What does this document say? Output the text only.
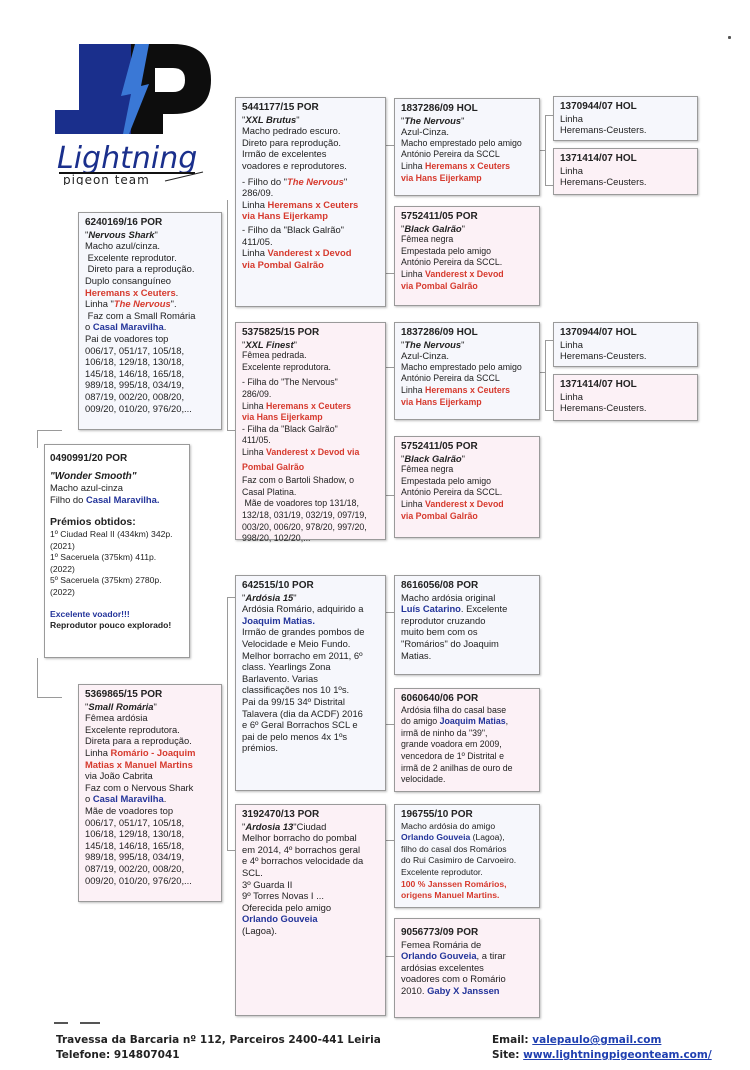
Lightning
pigeon team
0490991/20 POR
"Wonder Smooth"
Macho azul-cinza
Filho do Casal Maravilha.
Prémios obtidos:
1º Ciudad Real II (434km) 342p.
(2021)
1º Saceruela (375km) 411p.
(2022)
5º Saceruela (375km) 2780p.
(2022)
Excelente voador!!!
Reprodutor pouco explorado!
6240169/16 POR
"Nervous Shark"
Macho azul/cinza.
Excelente reprodutor.
Direto para a reprodução.
Duplo consanguíneo
Heremans x Ceuters.
Linha "The Nervous".
Faz com a Small Romária
o Casal Maravilha.
Pai de voadores top
006/17, 051/17, 105/18,
106/18, 129/18, 130/18,
145/18, 146/18, 165/18,
989/18, 995/18, 034/19,
087/19, 002/20, 008/20,
009/20, 010/20, 976/20,...
5369865/15 POR
"Small Romária"
Fêmea ardósia
Excelente reprodutora.
Direta para a reprodução.
Linha Romário - Joaquim
Matias x Manuel Martins
via João Cabrita
Faz com o Nervous Shark
o Casal Maravilha.
Mãe de voadores top
006/17, 051/17, 105/18,
106/18, 129/18, 130/18,
145/18, 146/18, 165/18,
989/18, 995/18, 034/19,
087/19, 002/20, 008/20,
009/20, 010/20, 976/20,...
5441177/15 POR
"XXL Brutus"
Macho pedrado escuro.
Direto para reprodução.
Irmão de excelentes
voadores e reprodutores.
- Filho do "The Nervous"
286/09.
Linha Heremans x Ceuters
via Hans Eijerkamp
- Filho da "Black Galrão"
411/05.
Linha Vanderest x Devod
via Pombal Galrão
5375825/15 POR
"XXL Finest"
Fêmea pedrada.
Excelente reprodutora.
- Filha do "The Nervous"
286/09.
Linha Heremans x Ceuters
via Hans Eijerkamp
- Filha da "Black Galrão"
411/05.
Linha Vanderest x Devod via
Pombal Galrão
Faz com o Bartoli Shadow, o
Casal Platina.
Mãe de voadores top 131/18,
132/18, 031/19, 032/19, 097/19,
003/20, 006/20, 978/20, 997/20,
998/20, 102/20,...
1837286/09 HOL
"The Nervous"
Azul-Cinza.
Macho emprestado pelo amigo
António Pereira da SCCL
Linha Heremans x Ceuters
via Hans Eijerkamp
5752411/05 POR
"Black Galrão"
Fêmea negra
Empestada pelo amigo
António Pereira da SCCL.
Linha Vanderest x Devod
via Pombal Galrão
1837286/09 HOL
"The Nervous"
Azul-Cinza.
Macho emprestado pelo amigo
António Pereira da SCCL
Linha Heremans x Ceuters
via Hans Eijerkamp
5752411/05 POR
"Black Galrão"
Fêmea negra
Empestada pelo amigo
António Pereira da SCCL.
Linha Vanderest x Devod
via Pombal Galrão
1370944/07 HOL
Linha
Heremans-Ceusters.
1371414/07 HOL
Linha
Heremans-Ceusters.
1370944/07 HOL
Linha
Heremans-Ceusters.
1371414/07 HOL
Linha
Heremans-Ceusters.
642515/10 POR
"Ardósia 15"
Ardósia Romário, adquirido a
Joaquim Matias.
Irmão de grandes pombos de
Velocidade e Meio Fundo.
Melhor borracho em 2011, 6º
class. Yearlings Zona
Barlavento. Varias
classificações nos 10 1ºs.
Pai da 99/15 34º Distrital
Talavera (dia da ACDF) 2016
e 6º Geral Borrachos SCL e
pai de pelo menos 4x 1ºs
prémios.
3192470/13 POR
"Ardosia 13"Ciudad
Melhor borracho do pombal
em 2014, 4º borrachos geral
e 4º borrachos velocidade da
SCL.
3º Guarda II
9º Torres Novas I ...
Oferecida pelo amigo
Orlando Gouveia
(Lagoa).
8616056/08 POR
Macho ardósia original
Luís Catarino. Excelente
reprodutor cruzando
muito bem com os
"Romários" do Joaquim
Matias.
6060640/06 POR
Ardósia filha do casal base
do amigo Joaquim Matias,
irmã de ninho da "39",
grande voadora em 2009,
vencedora de 1º Distrital e
irmã de 2 anilhas de ouro de
velocidade.
196755/10 POR
Macho ardósia do amigo
Orlando Gouveia (Lagoa),
filho do casal dos Romários
do Rui Casimiro de Carvoeiro.
Excelente reprodutor.
100 % Janssen Romários,
origens Manuel Martins.
9056773/09 POR
Femea Romária de
Orlando Gouveia, a tirar
ardósias excelentes
voadores com o Romário
2010. Gaby X Janssen
Travessa da Barcaria nº 112, Parceiros 2400-441 Leiria
Telefone: 914807041
Email: valepaulo@gmail.com
Site: www.lightningpigeonteam.com/
